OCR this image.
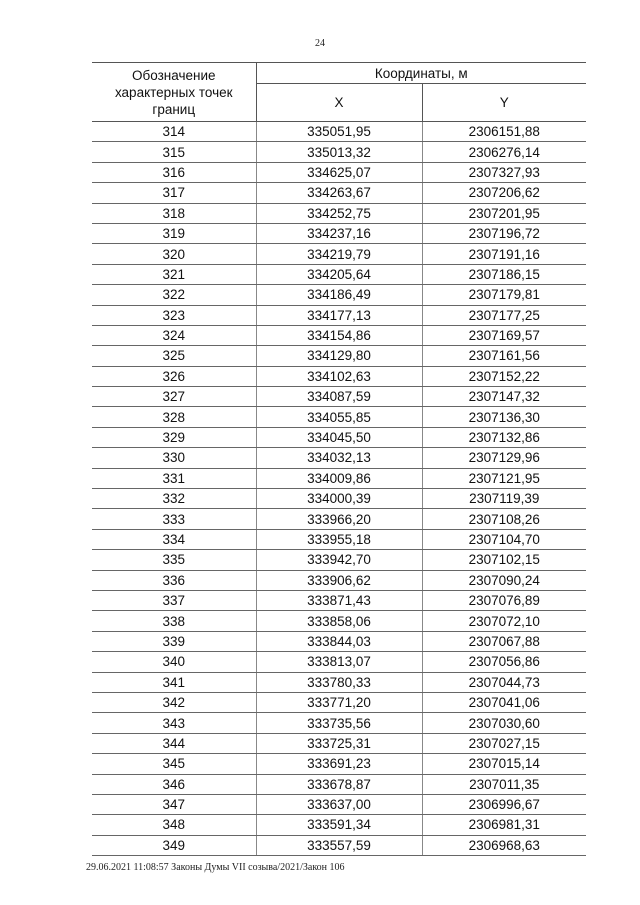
24
Обозначение характерных точек границ	Координаты, м	
	X	Y
314	335051,95	2306151,88
315	335013,32	2306276,14
316	334625,07	2307327,93
317	334263,67	2307206,62
318	334252,75	2307201,95
319	334237,16	2307196,72
320	334219,79	2307191,16
321	334205,64	2307186,15
322	334186,49	2307179,81
323	334177,13	2307177,25
324	334154,86	2307169,57
325	334129,80	2307161,56
326	334102,63	2307152,22
327	334087,59	2307147,32
328	334055,85	2307136,30
329	334045,50	2307132,86
330	334032,13	2307129,96
331	334009,86	2307121,95
332	334000,39	2307119,39
333	333966,20	2307108,26
334	333955,18	2307104,70
335	333942,70	2307102,15
336	333906,62	2307090,24
337	333871,43	2307076,89
338	333858,06	2307072,10
339	333844,03	2307067,88
340	333813,07	2307056,86
341	333780,33	2307044,73
342	333771,20	2307041,06
343	333735,56	2307030,60
344	333725,31	2307027,15
345	333691,23	2307015,14
346	333678,87	2307011,35
347	333637,00	2306996,67
348	333591,34	2306981,31
349	333557,59	2306968,63
29.06.2021 11:08:57 Законы Думы VII созыва/2021/Закон 106
